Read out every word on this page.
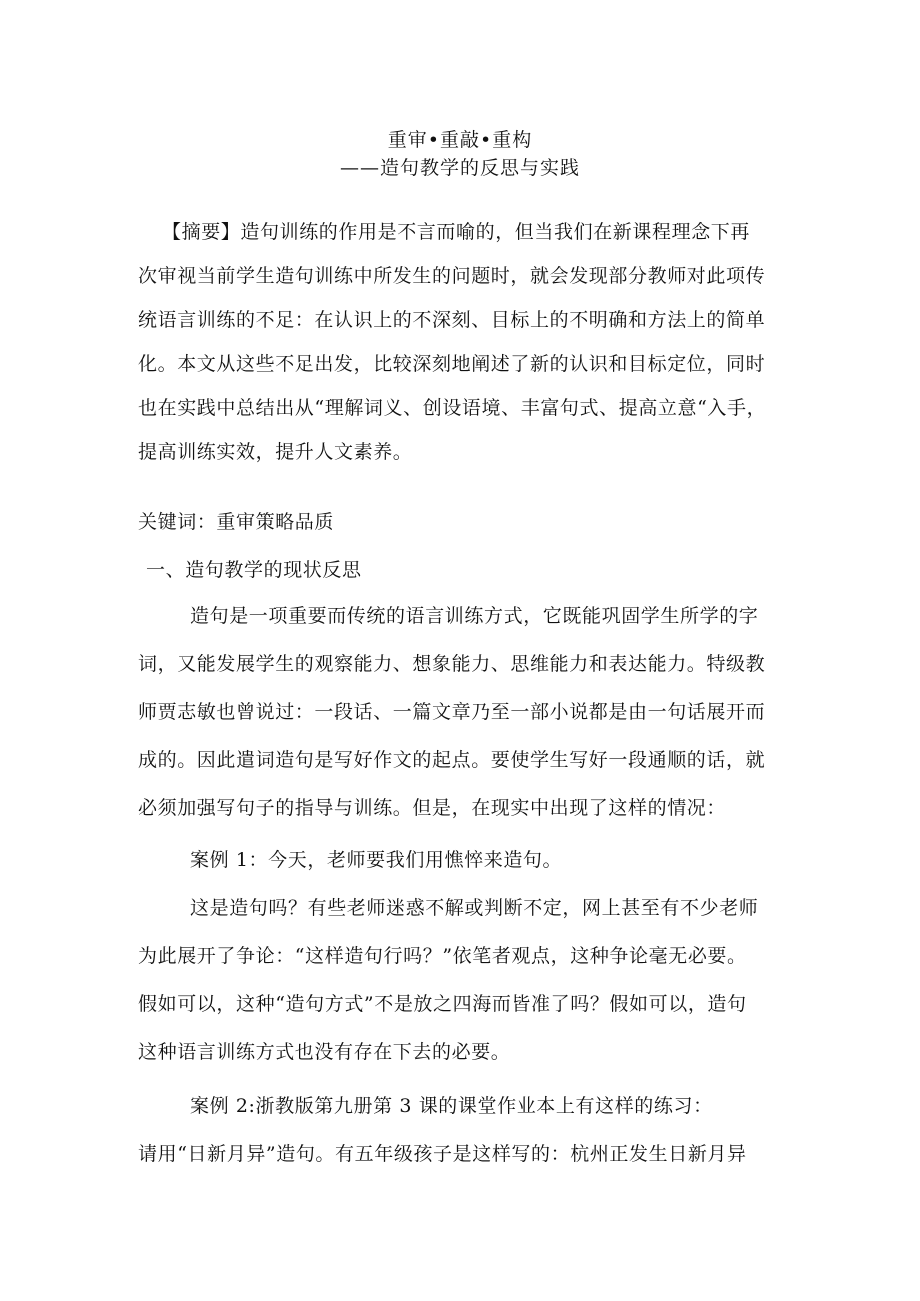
重审•重敲•重构
——造句教学的反思与实践
【摘要】造句训练的作用是不言而喻的，但当我们在新课程理念下再
次审视当前学生造句训练中所发生的问题时，就会发现部分教师对此项传
统语言训练的不足：在认识上的不深刻、目标上的不明确和方法上的简单
化。本文从这些不足出发，比较深刻地阐述了新的认识和目标定位，同时
也在实践中总结出从“理解词义、创设语境、丰富句式、提高立意“入手，
提高训练实效，提升人文素养。
关键词：重审策略品质
一、造句教学的现状反思
造句是一项重要而传统的语言训练方式，它既能巩固学生所学的字
词，又能发展学生的观察能力、想象能力、思维能力和表达能力。特级教
师贾志敏也曾说过：一段话、一篇文章乃至一部小说都是由一句话展开而
成的。因此遣词造句是写好作文的起点。要使学生写好一段通顺的话，就
必须加强写句子的指导与训练。但是，在现实中出现了这样的情况：
案例 1：今天，老师要我们用憔悴来造句。
这是造句吗？有些老师迷惑不解或判断不定，网上甚至有不少老师
为此展开了争论：“这样造句行吗？”依笔者观点，这种争论毫无必要。
假如可以，这种“造句方式”不是放之四海而皆准了吗？假如可以，造句
这种语言训练方式也没有存在下去的必要。
案例 2:浙教版第九册第 3 课的课堂作业本上有这样的练习：
请用“日新月异”造句。有五年级孩子是这样写的：杭州正发生日新月异
